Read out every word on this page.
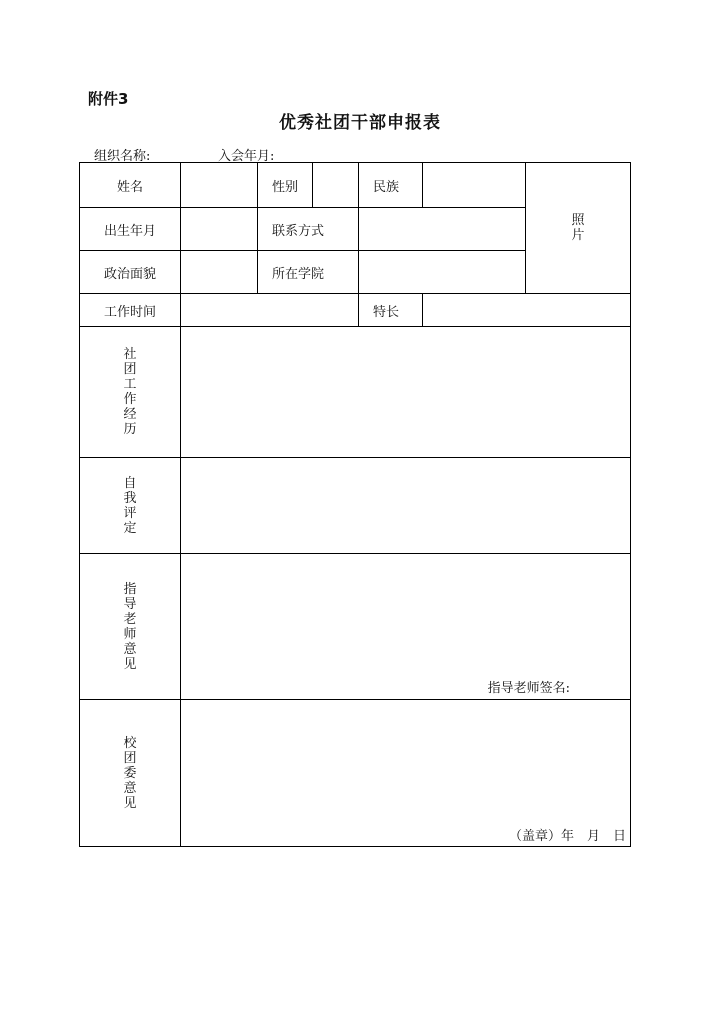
附件3
优秀社团干部申报表
组织名称:	入会年月:
姓名		性别		民族		照片
出生年月		联系方式				
政治面貌		所在学院				
工作时间				特长		
社团工作经历						
自我评定						
指导老师意见	指导老师签名:					

校团委意见	（盖章）年　月　日					
